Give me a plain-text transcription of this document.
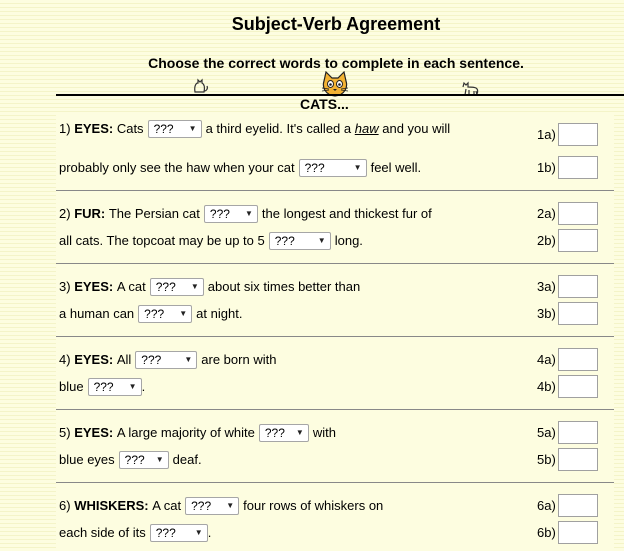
Subject-Verb Agreement
Choose the correct words to complete in each sentence.
CATS...
1)
EYES:
Cats ??? ▼ a third eyelid. It's called a
haw
and you will	1a)
probably only see the haw when your cat ???	▼ feel well.	1b)
2)
FUR:
The Persian cat ??? ▼ the longest and thickest fur of	2a)
all cats. The topcoat may be up to 5 ???	▼ long.	2b)
3)
EYES:
A cat ??? ▼ about six times better than	3a)
a human can ??? ▼ at night.	3b)
4)
EYES:
All ???	▼ are born with	4a)
blue ??? ▼ .	4b)
5)
EYES:
A large majority of white ??? ▼ with	5a)
blue eyes ??? ▼ deaf.	5b)
6)
WHISKERS:
A cat ??? ▼ four rows of whiskers on	6a)
each side of its ??? ▼ .	6b)
